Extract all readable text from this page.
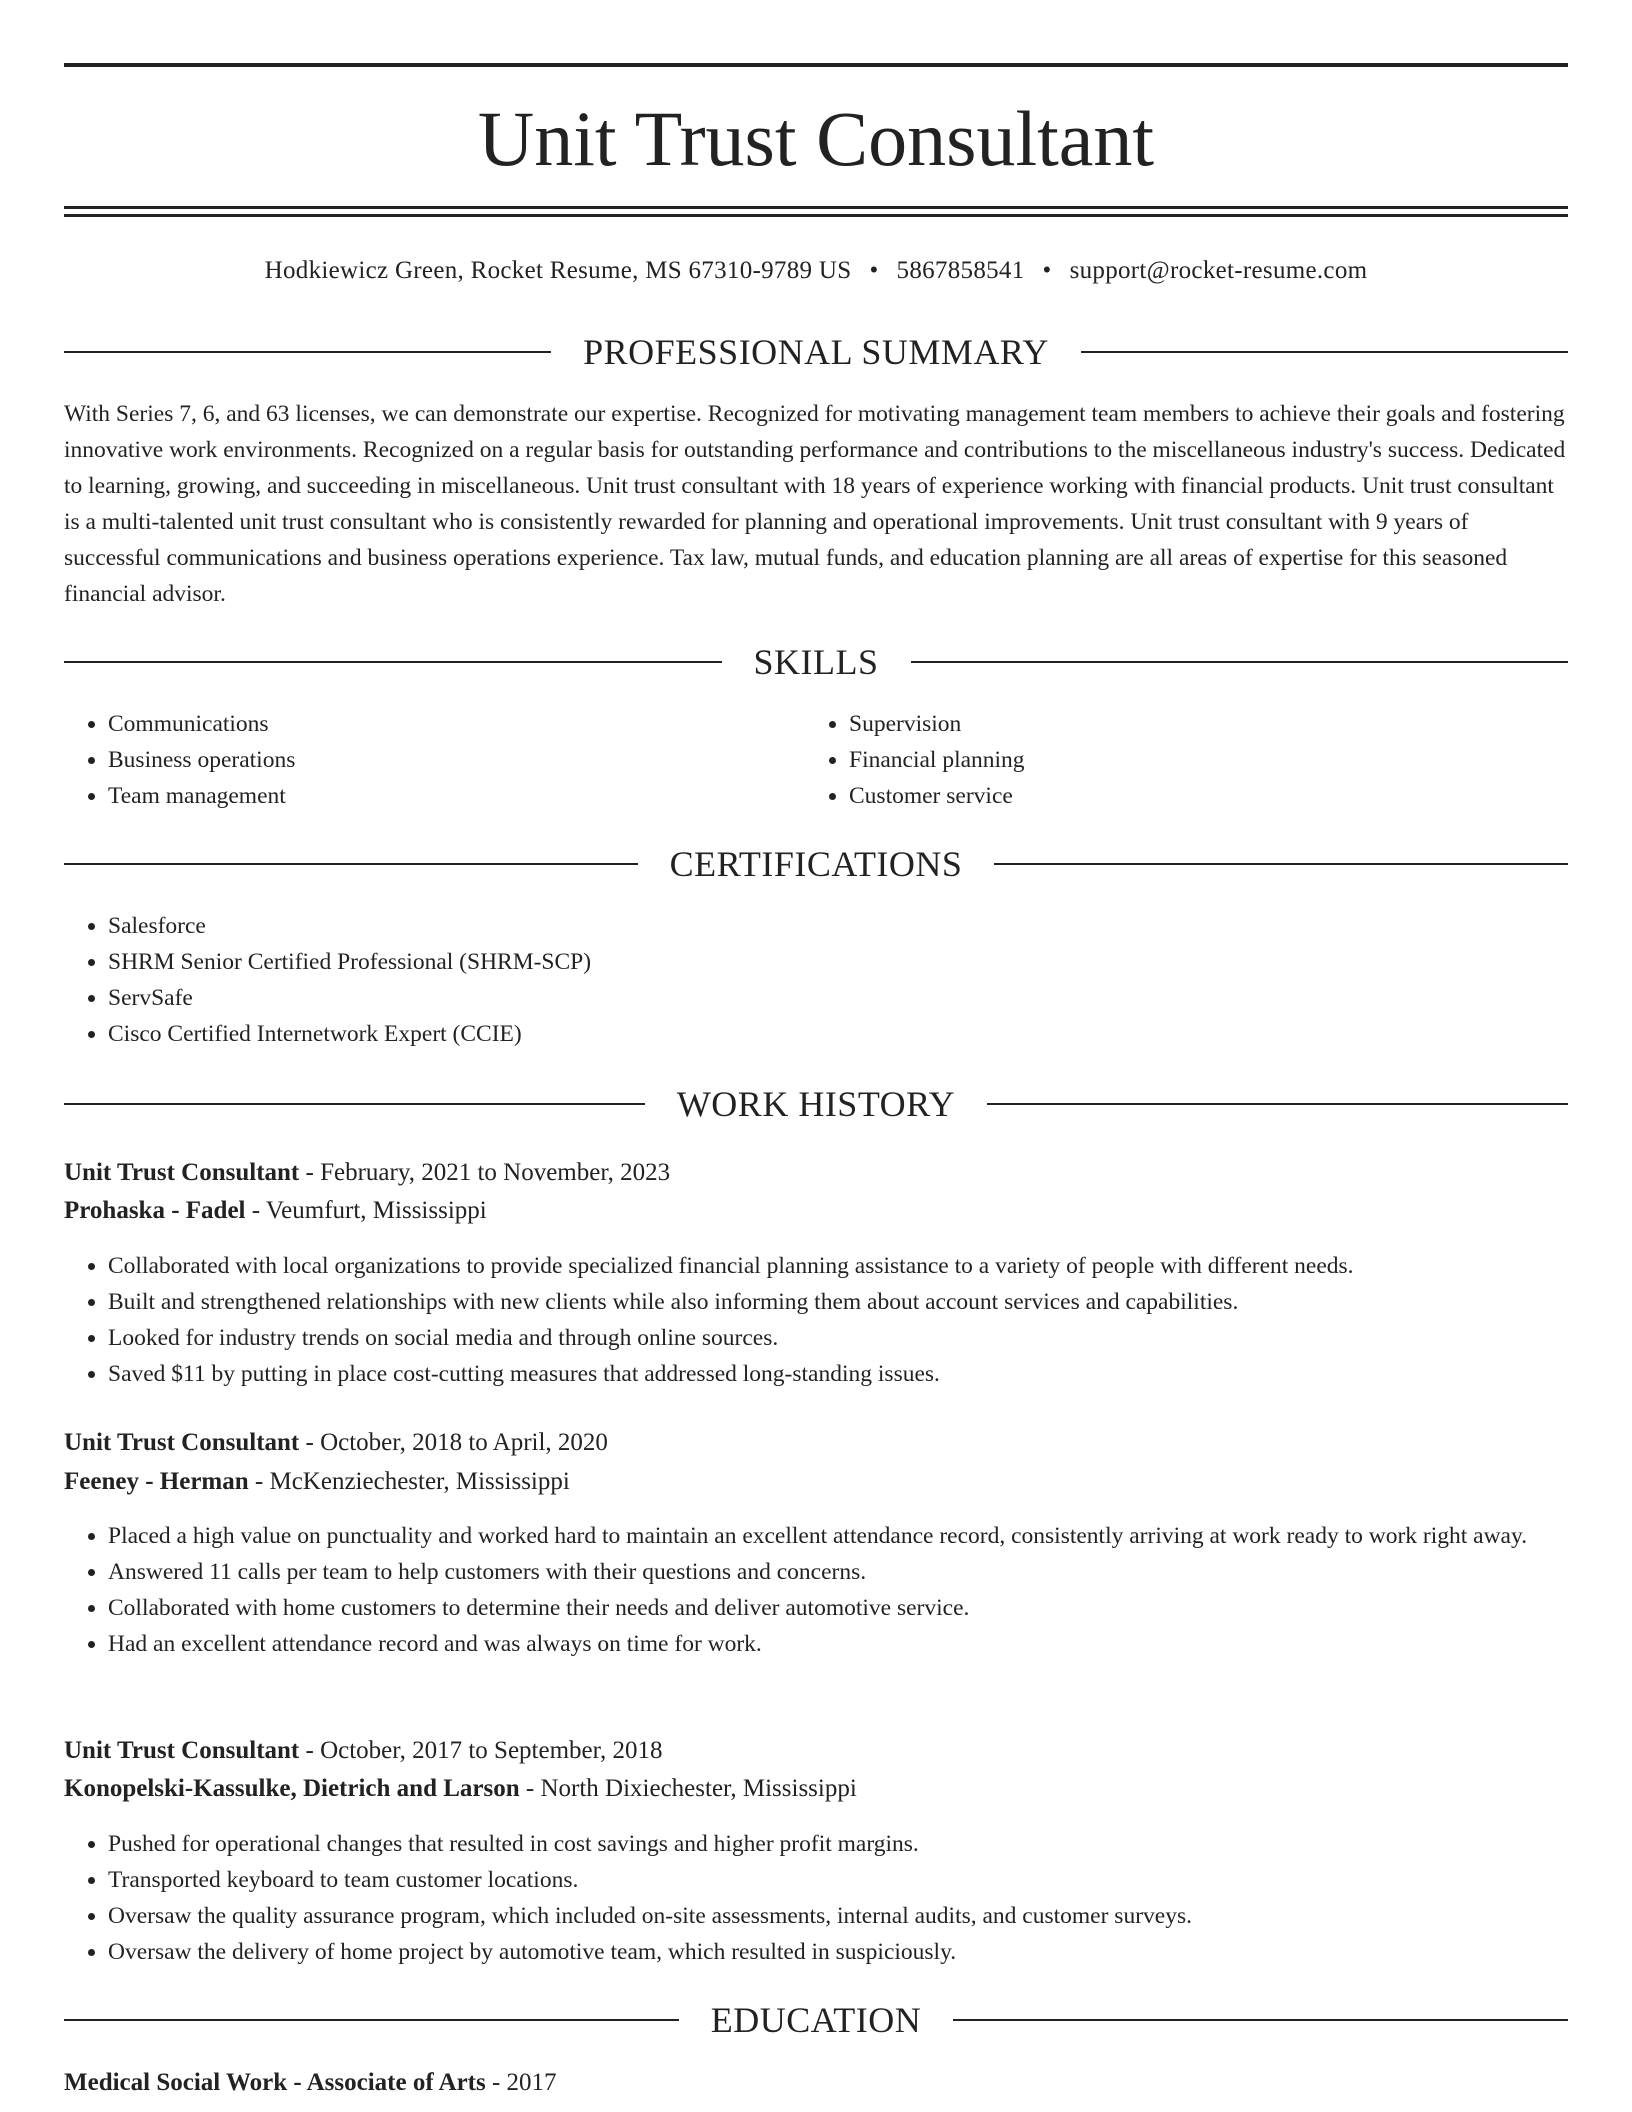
Unit Trust Consultant
Hodkiewicz Green, Rocket Resume, MS 67310-9789 US • 5867858541 • support@rocket-resume.com
PROFESSIONAL SUMMARY

With Series 7, 6, and 63 licenses, we can demonstrate our expertise. Recognized for motivating management team members to achieve their goals and fostering innovative work environments. Recognized on a regular basis for outstanding performance and contributions to the miscellaneous industry's success. Dedicated to learning, growing, and succeeding in miscellaneous. Unit trust consultant with 18 years of experience working with financial products. Unit trust consultant is a multi-talented unit trust consultant who is consistently rewarded for planning and operational improvements. Unit trust consultant with 9 years of successful communications and business operations experience. Tax law, mutual funds, and education planning are all areas of expertise for this seasoned financial advisor.

SKILLS
• Communications
• Business operations
• Team management
• Supervision
• Financial planning
• Customer service
CERTIFICATIONS
• Salesforce
• SHRM Senior Certified Professional (SHRM-SCP)
• ServSafe
• Cisco Certified Internetwork Expert (CCIE)
WORK HISTORY
Unit Trust Consultant - February, 2021 to November, 2023
Prohaska - Fadel - Veumfurt, Mississippi
• Collaborated with local organizations to provide specialized financial planning assistance to a variety of people with different needs.
• Built and strengthened relationships with new clients while also informing them about account services and capabilities.
• Looked for industry trends on social media and through online sources.
• Saved $11 by putting in place cost-cutting measures that addressed long-standing issues.
Unit Trust Consultant - October, 2018 to April, 2020
Feeney - Herman - McKenziechester, Mississippi
• Placed a high value on punctuality and worked hard to maintain an excellent attendance record, consistently arriving at work ready to work right away.
• Answered 11 calls per team to help customers with their questions and concerns.
• Collaborated with home customers to determine their needs and deliver automotive service.
• Had an excellent attendance record and was always on time for work.
Unit Trust Consultant - October, 2017 to September, 2018
Konopelski-Kassulke, Dietrich and Larson - North Dixiechester, Mississippi
• Pushed for operational changes that resulted in cost savings and higher profit margins.
• Transported keyboard to team customer locations.
• Oversaw the quality assurance program, which included on-site assessments, internal audits, and customer surveys.
• Oversaw the delivery of home project by automotive team, which resulted in suspiciously.
EDUCATION
Medical Social Work - Associate of Arts - 2017
